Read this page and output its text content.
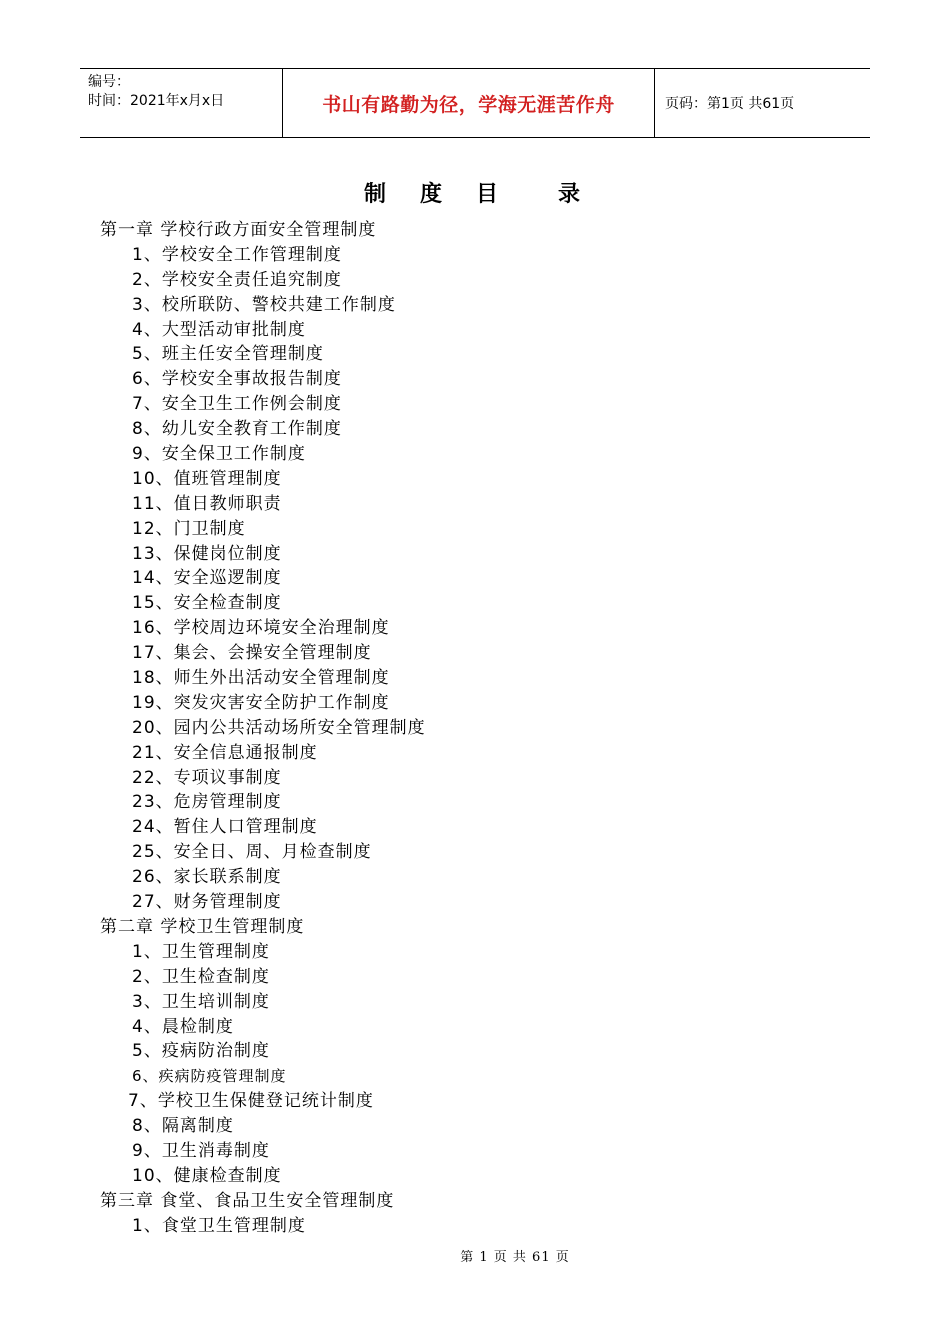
编号：
时间：2021年x月x日	书山有路勤为径，学海无涯苦作舟	页码：第1页 共61页
制 度 目 录
第一章 学校行政方面安全管理制度
1、学校安全工作管理制度
2、学校安全责任追究制度
3、校所联防、警校共建工作制度
4、大型活动审批制度
5、班主任安全管理制度
6、学校安全事故报告制度
7、安全卫生工作例会制度
8、幼儿安全教育工作制度
9、安全保卫工作制度
10、值班管理制度
11、值日教师职责
12、门卫制度
13、保健岗位制度
14、安全巡逻制度
15、安全检查制度
16、学校周边环境安全治理制度
17、集会、会操安全管理制度
18、师生外出活动安全管理制度
19、突发灾害安全防护工作制度
20、园内公共活动场所安全管理制度
21、安全信息通报制度
22、专项议事制度
23、危房管理制度
24、暂住人口管理制度
25、安全日、周、月检查制度
26、家长联系制度
27、财务管理制度
第二章 学校卫生管理制度
1、卫生管理制度
2、卫生检查制度
3、卫生培训制度
4、晨检制度
5、疫病防治制度
6、疾病防疫管理制度
7、学校卫生保健登记统计制度
8、隔离制度
9、卫生消毒制度
10、健康检查制度
第三章 食堂、食品卫生安全管理制度
1、食堂卫生管理制度
第 1 页 共 61 页
